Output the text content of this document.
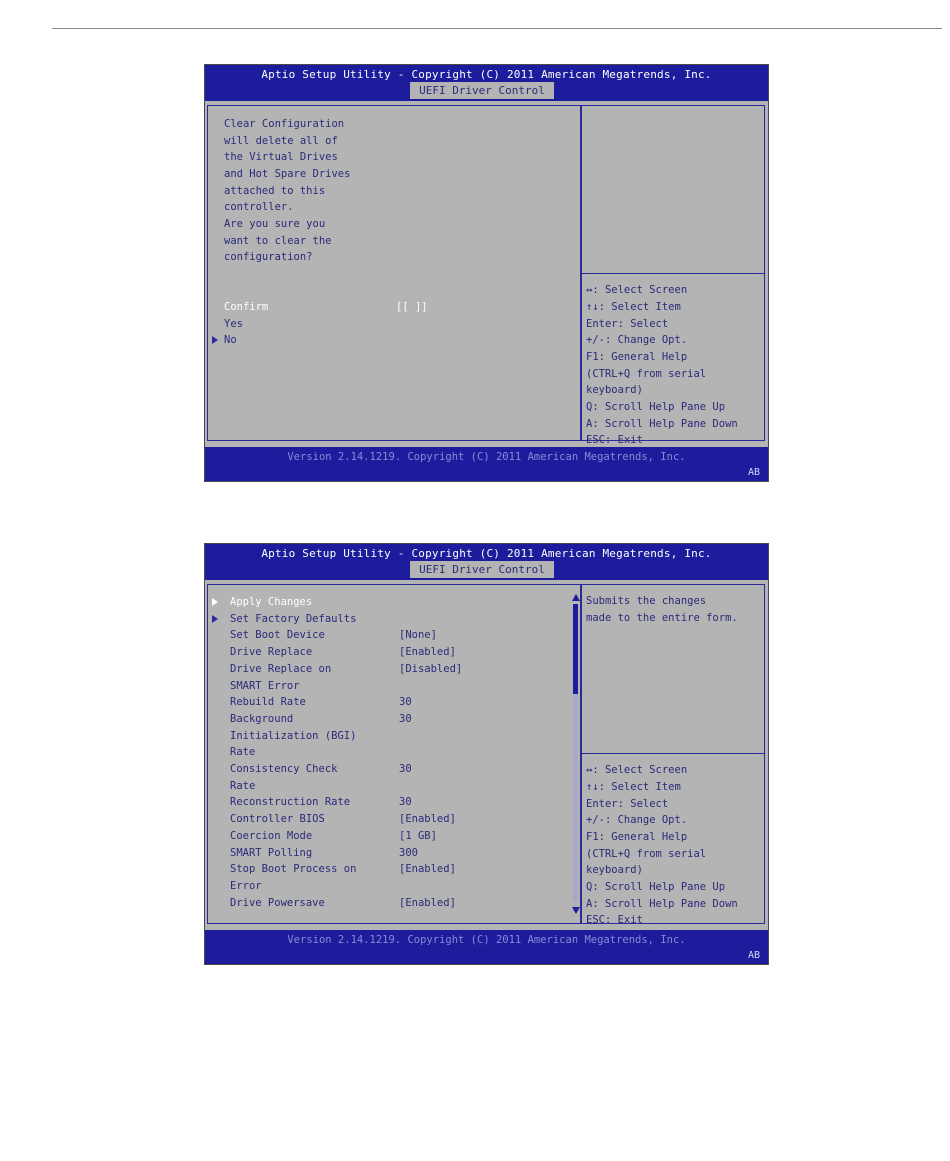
Aptio Setup Utility - Copyright (C) 2011 American Megatrends, Inc.
UEFI Driver Control
Clear Configuration
will delete all of
the Virtual Drives
and Hot Spare Drives
attached to this
controller.
Are you sure you
want to clear the
configuration?
Confirm	[[ ]]
Yes
No
↔: Select Screen
↑↓: Select Item
Enter: Select
+/-: Change Opt.
F1: General Help
(CTRL+Q from serial
keyboard)
Q: Scroll Help Pane Up
A: Scroll Help Pane Down
ESC: Exit
Version 2.14.1219. Copyright (C) 2011 American Megatrends, Inc.
AB
Aptio Setup Utility - Copyright (C) 2011 American Megatrends, Inc.
UEFI Driver Control
Apply Changes
Set Factory Defaults
Set Boot Device	[None]
Drive Replace	[Enabled]
Drive Replace on	[Disabled]
SMART Error
Rebuild Rate	30
Background	30
Initialization (BGI)
Rate
Consistency Check	30
Rate
Reconstruction Rate	30
Controller BIOS	[Enabled]
Coercion Mode	[1 GB]
SMART Polling	300
Stop Boot Process on	[Enabled]
Error
Drive Powersave	[Enabled]
Submits the changes
made to the entire form.
↔: Select Screen
↑↓: Select Item
Enter: Select
+/-: Change Opt.
F1: General Help
(CTRL+Q from serial
keyboard)
Q: Scroll Help Pane Up
A: Scroll Help Pane Down
ESC: Exit
Version 2.14.1219. Copyright (C) 2011 American Megatrends, Inc.
AB
